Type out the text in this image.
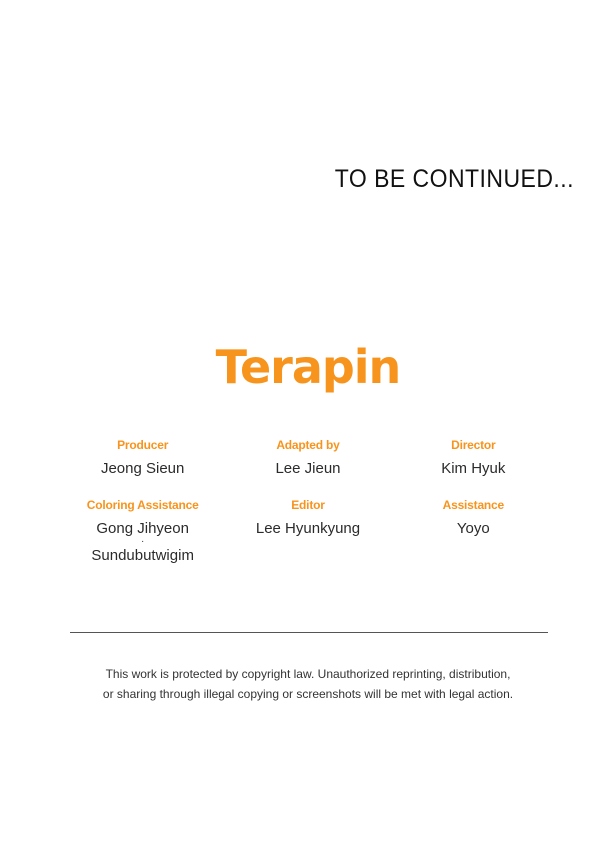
TO BE CONTINUED...
Terapin
Producer
Jeong Sieun
Adapted by
Lee Jieun
Director
Kim Hyuk
Coloring Assistance
Gong Jihyeon
·
Sundubutwigim
Editor
Lee Hyunkyung
Assistance
Yoyo
This work is protected by copyright law. Unauthorized reprinting, distribution,
or sharing through illegal copying or screenshots will be met with legal action.
